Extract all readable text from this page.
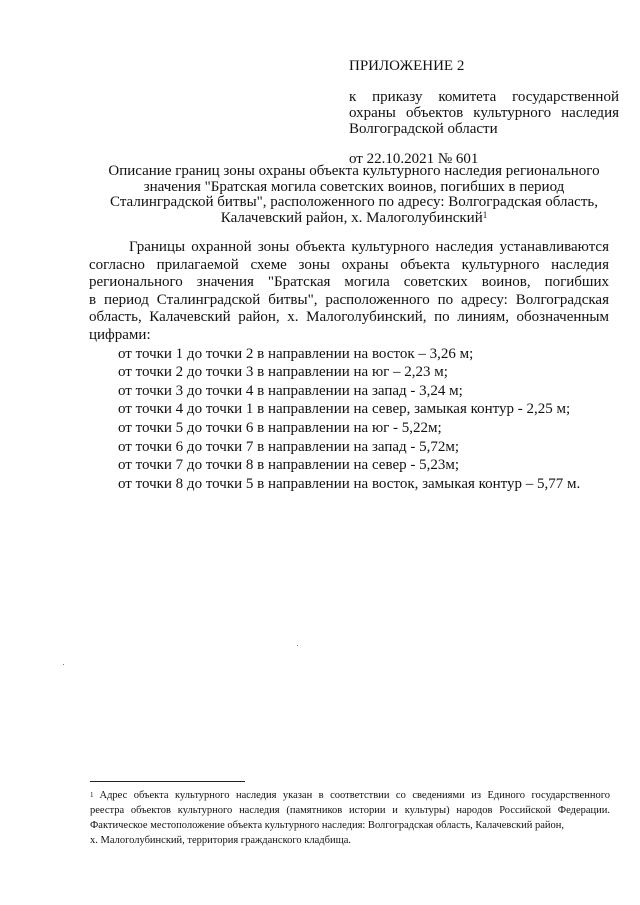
ПРИЛОЖЕНИЕ 2
к приказу комитета государственной
охраны объектов культурного наследия
Волгоградской области
от 22.10.2021 № 601
Описание границ зоны охраны объекта культурного наследия регионального
значения "Братская могила советских воинов, погибших в период
Сталинградской битвы", расположенного по адресу: Волгоградская область,
Калачевский район, х. Малоголубинский$^1$
Границы охранной зоны объекта культурного наследия устанавливаются
согласно прилагаемой схеме зоны охраны объекта культурного наследия
регионального значения "Братская могила советских воинов, погибших
в период Сталинградской битвы", расположенного по адресу: Волгоградская
область, Калачевский район, х. Малоголубинский, по линиям, обозначенным
цифрами:
от точки 1 до точки 2 в направлении на восток – 3,26 м;
от точки 2 до точки 3 в направлении на юг – 2,23 м;
от точки 3 до точки 4 в направлении на запад - 3,24 м;
от точки 4 до точки 1 в направлении на север, замыкая контур - 2,25 м;
от точки 5 до точки 6 в направлении на юг - 5,22м;
от точки 6 до точки 7 в направлении на запад - 5,72м;
от точки 7 до точки 8 в направлении на север - 5,23м;
от точки 8 до точки 5 в направлении на восток, замыкая контур – 5,77 м.
$^1$ Адрес объекта культурного наследия указан в соответствии со сведениями из Единого государственного
реестра объектов культурного наследия (памятников истории и культуры) народов Российской Федерации.
Фактическое местоположение объекта культурного наследия: Волгоградская область, Калачевский район,
х. Малоголубинский, территория гражданского кладбища.
